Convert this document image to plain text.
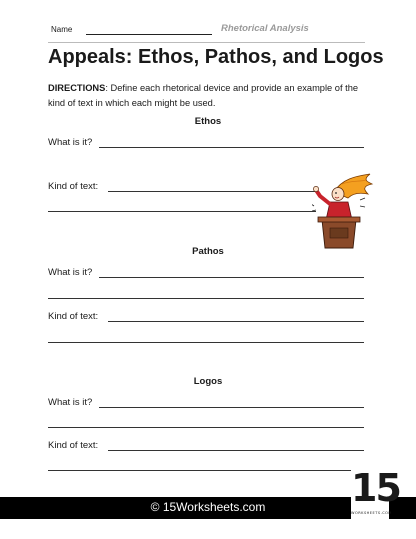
Name	Rhetorical Analysis
Appeals: Ethos, Pathos, and Logos
DIRECTIONS: Define each rhetorical device and provide an example of the kind of text in which each might be used.
Ethos
What is it?
Kind of text:
Pathos
What is it?
Kind of text:
Logos
What is it?
Kind of text:
© 15Worksheets.com	15
WORKSHEETS.COM
